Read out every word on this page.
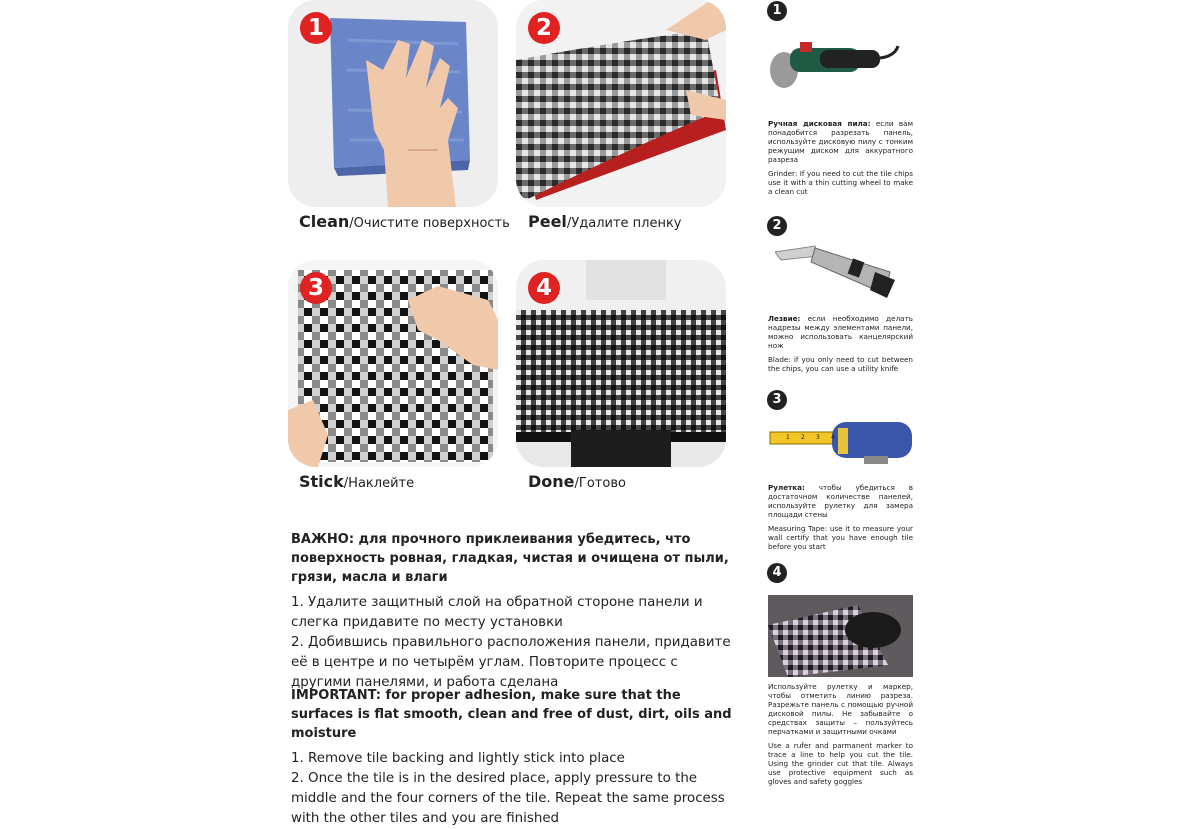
1
Clean/Очистите поверхность
2
Peel/Удалите пленку
3
Stick/Наклейте
4
Done/Готово
ВАЖНО: для прочного приклеивания убедитесь, что поверхность ровная, гладкая, чистая и очищена от пыли, грязи, масла и влаги

1. Удалите защитный слой на обратной стороне панели и слегка придавите по месту установки

2. Добившись правильного расположения панели, придавите её в центре и по четырём углам. Повторите процесс с другими панелями, и работа сделана

IMPORTANT: for proper adhesion, make sure that the surfaces is flat smooth, clean and free of dust, dirt, oils and moisture

1. Remove tile backing and lightly stick into place

2. Once the tile is in the desired place, apply pressure to the middle and the four corners of the tile. Repeat the same process with the other tiles and you are finished

1

Ручная дисковая пила: если вам понадобится разрезать панель, используйте дисковую пилу с тонким режущим диском для аккуратного разреза

Grinder: If you need to cut the tile chips use it with a thin cutting wheel to make a clean cut

2

Лезвие: если необходимо делать надрезы между элементами панели, можно использовать канцелярский нож

Blade: if you only need to cut between the chips, you can use a utility knife

3
1 2 3 4

Рулетка: чтобы убедиться в достаточном количестве панелей, используйте рулетку для замера площади стены

Measuring Tape: use it to measure your wall certify that you have enough tile before you start

4

Используйте рулетку и маркер, чтобы отметить линию разреза. Разрежьте панель с помощью ручной дисковой пилы. Не забывайте о средствах защиты – пользуйтесь перчатками и защитными очками

Use a rufer and parmanent marker to trace a line to help you cut the tile. Using the grinder cut that tile. Always use protective equipment such as gloves and safety goggles
